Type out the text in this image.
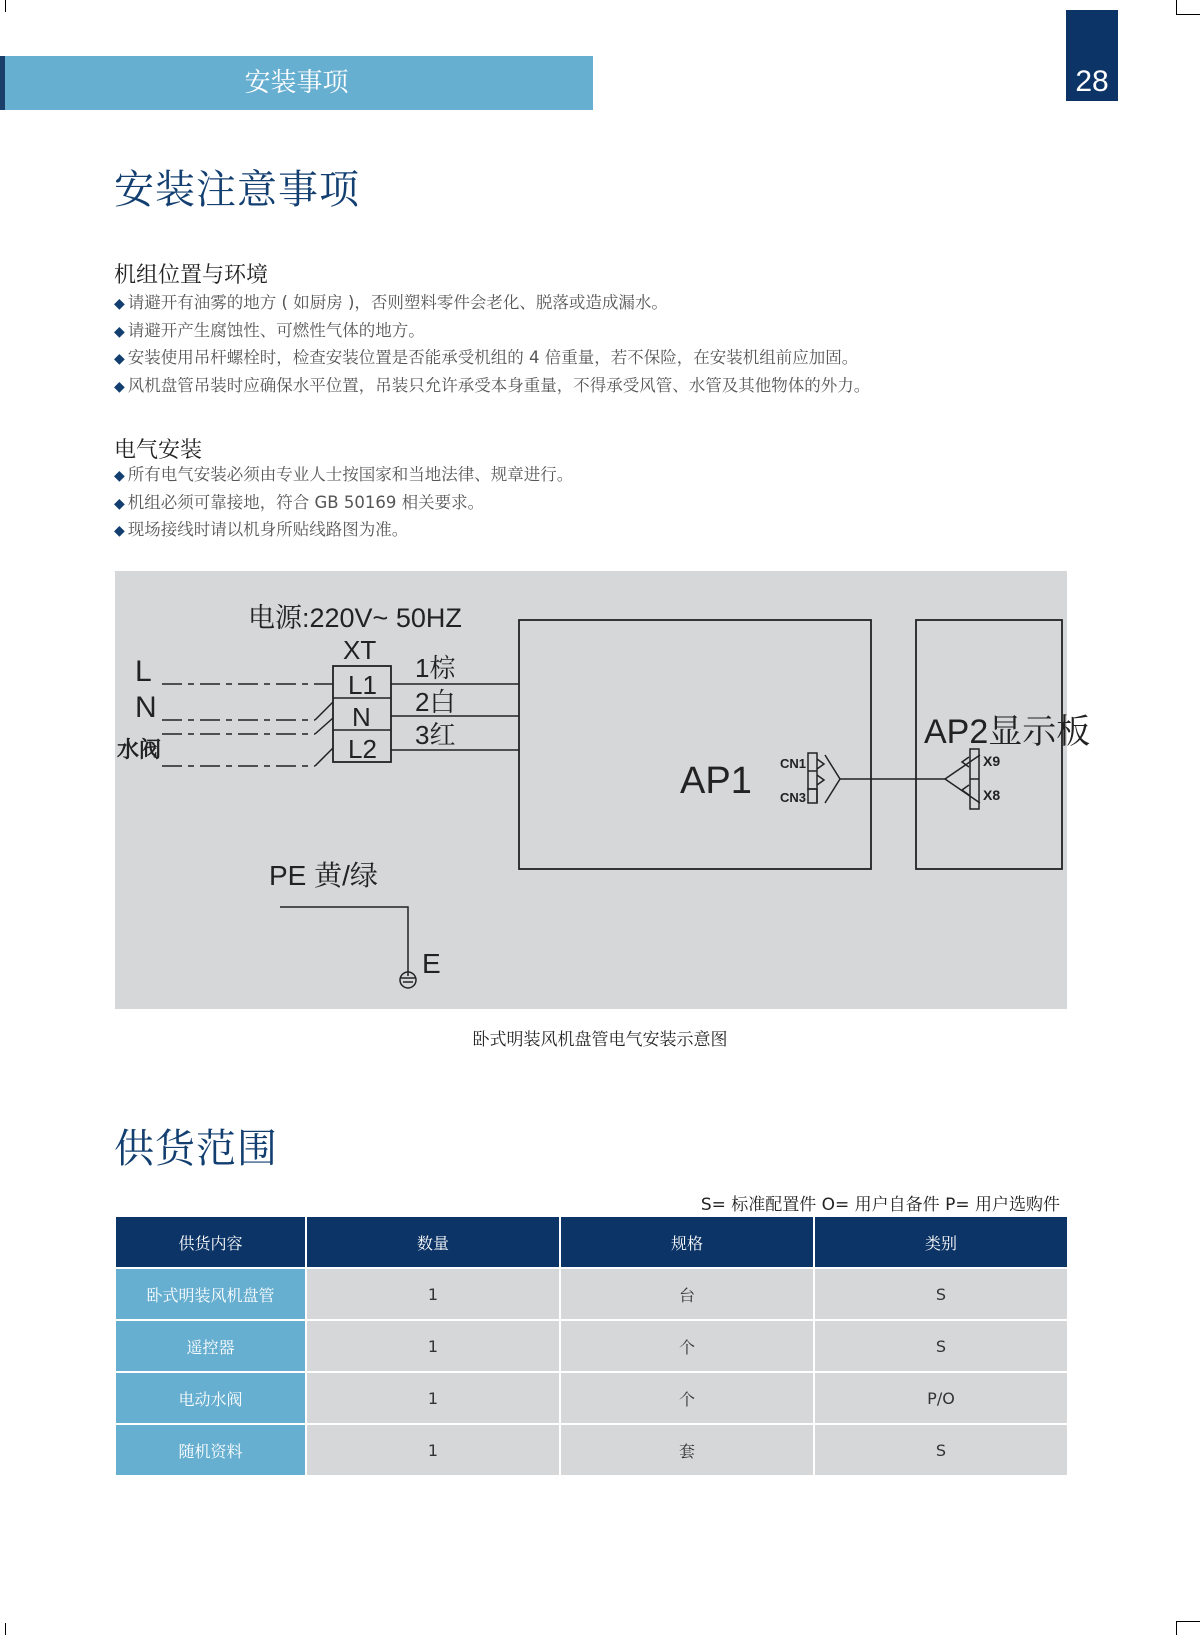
安装事项	28
安装注意事项
机组位置与环境
◆ 请避开有油雾的地方 ( 如厨房 )，否则塑料零件会老化、脱落或造成漏水。
◆ 请避开产生腐蚀性、可燃性气体的地方。
◆ 安装使用吊杆螺栓时，检查安装位置是否能承受机组的 4 倍重量，若不保险，在安装机组前应加固。
◆ 风机盘管吊装时应确保水平位置，吊装只允许承受本身重量，不得承受风管、水管及其他物体的外力。
电气安装
◆ 所有电气安装必须由专业人士按国家和当地法律、规章进行。
◆ 机组必须可靠接地，符合 GB 50169 相关要求。
◆ 现场接线时请以机身所贴线路图为准。
电源:220V~ 50HZ
XT
L
N
水阀
L1
N
L2
1棕
2白
3红
AP1 CN1
CN3
AP2显示板
X9
X8
PE 黄/绿
E
卧式明装风机盘管电气安装示意图
供货范围
S= 标准配置件 O= 用户自备件 P= 用户选购件
供货内容	数量	规格	类别
卧式明装风机盘管	1	台	S
遥控器	1	个	S
电动水阀	1	个	P/O
随机资料	1	套	S
